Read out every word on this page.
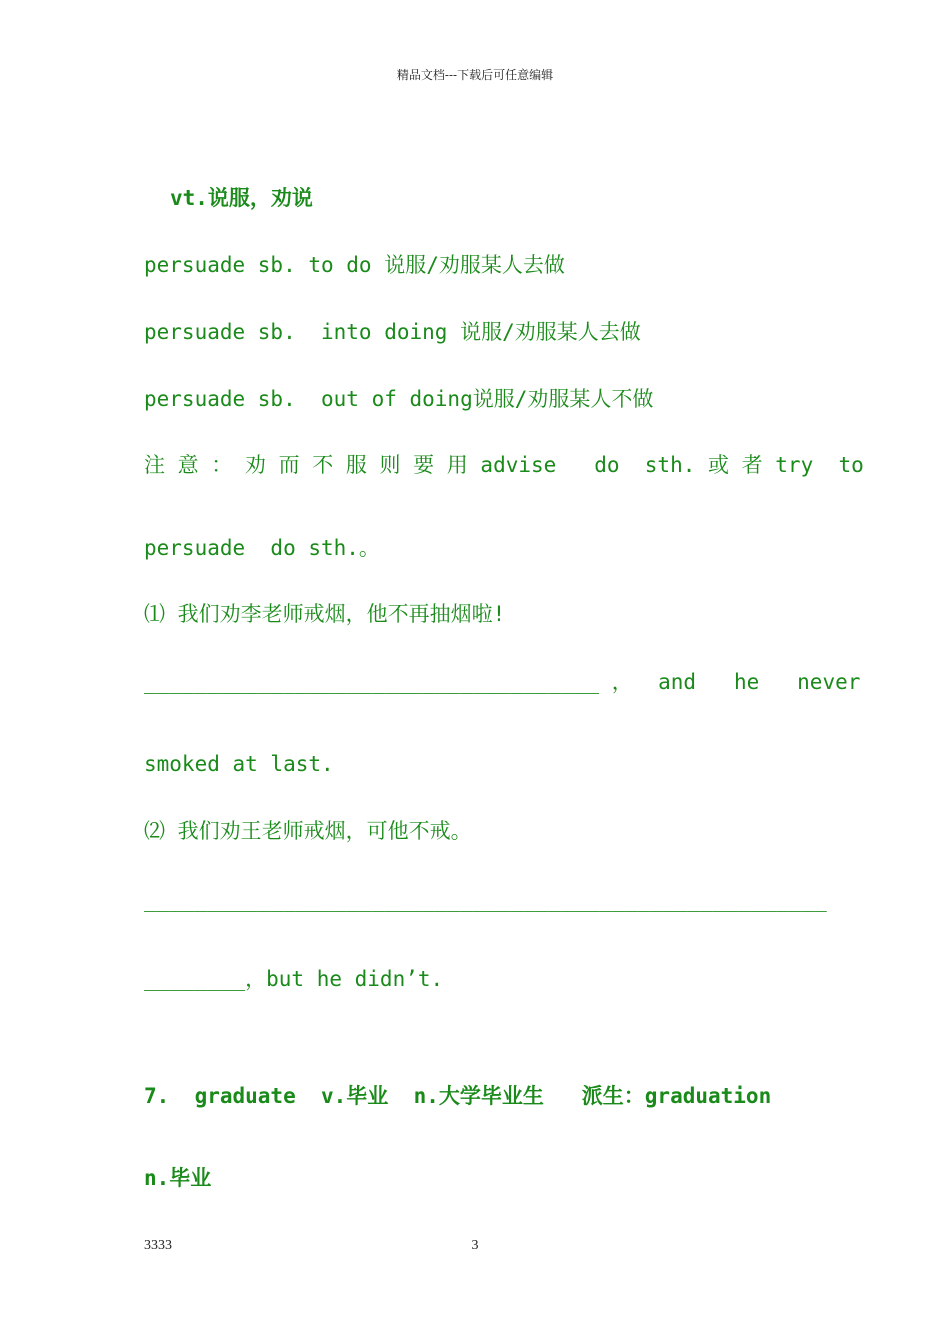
精品文档---下载后可任意编辑
vt.说服，劝说
persuade sb. to do 说服/劝服某人去做
persuade sb.  into doing 说服/劝服某人去做
persuade sb.  out of doing说服/劝服某人不做
注 意 ： 劝 而 不 服 则 要 用 advise   do  sth. 或 者 try  to
persuade  do sth.。
⑴ 我们劝李老师戒烟，他不再抽烟啦!
____________________________________ ，  and   he   never
smoked at last.
⑵ 我们劝王老师戒烟，可他不戒。
______________________________________________________
________，but he didn’t.
7.  graduate  v.毕业  n.大学毕业生   派生：graduation
n.毕业
3333	3
